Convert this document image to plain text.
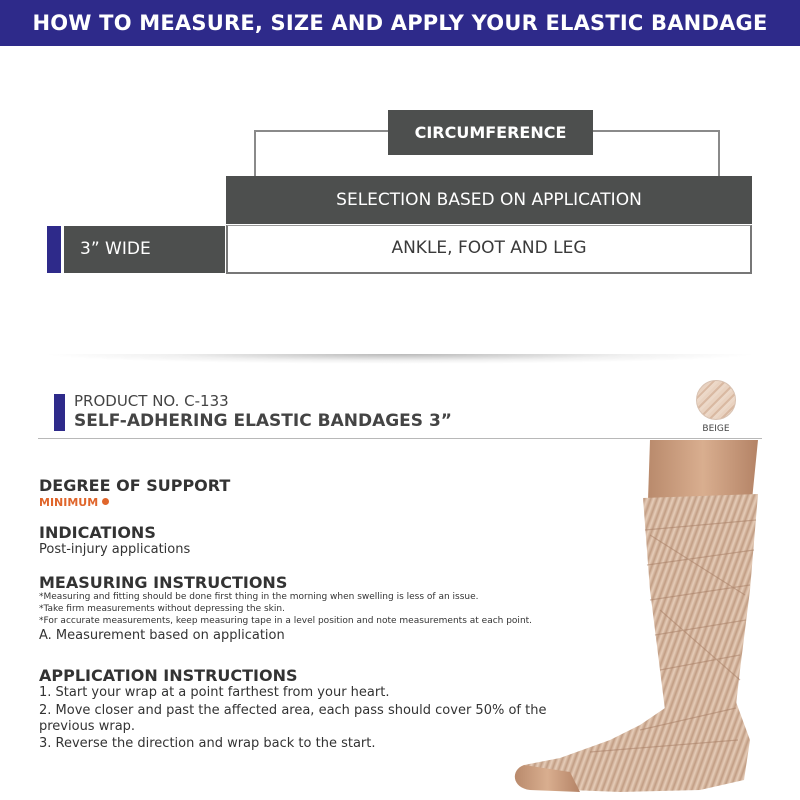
HOW TO MEASURE, SIZE AND APPLY YOUR ELASTIC BANDAGE
CIRCUMFERENCE
SELECTION BASED ON APPLICATION
3” WIDE	ANKLE, FOOT AND LEG
PRODUCT NO. C-133
SELF-ADHERING ELASTIC BANDAGES 3”	BEIGE
DEGREE OF SUPPORT
MINIMUM
INDICATIONS
Post-injury applications
MEASURING INSTRUCTIONS
*Measuring and fitting should be done first thing in the morning when swelling is less of an issue.
*Take firm measurements without depressing the skin.
*For accurate measurements, keep measuring tape in a level position and note measurements at each point.
A. Measurement based on application
APPLICATION INSTRUCTIONS
1. Start your wrap at a point farthest from your heart.
2. Move closer and past the affected area, each pass should cover 50% of the
previous wrap.
3. Reverse the direction and wrap back to the start.
